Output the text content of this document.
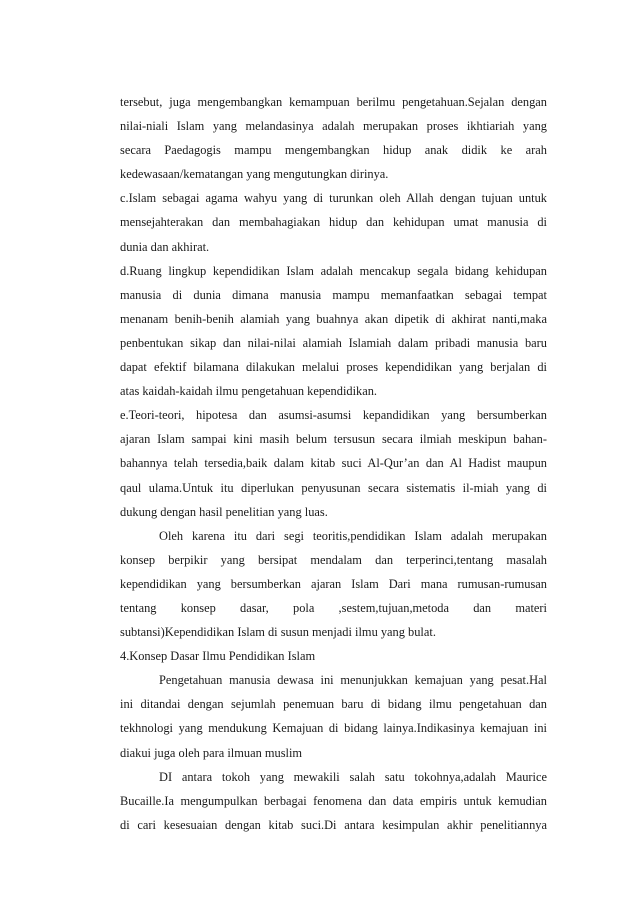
tersebut, juga mengembangkan kemampuan berilmu pengetahuan.Sejalan dengan
nilai-niali Islam yang melandasinya adalah merupakan proses ikhtiariah yang
secara Paedagogis mampu mengembangkan hidup anak didik ke arah
kedewasaan/kematangan yang mengutungkan dirinya.
c.Islam sebagai agama wahyu yang di turunkan oleh Allah dengan tujuan untuk
mensejahterakan dan membahagiakan hidup dan kehidupan umat manusia di
dunia dan akhirat.
d.Ruang lingkup kependidikan Islam adalah mencakup segala bidang kehidupan
manusia di dunia dimana manusia mampu memanfaatkan sebagai tempat
menanam benih-benih alamiah yang buahnya akan dipetik di akhirat nanti,maka
penbentukan sikap dan nilai-nilai alamiah Islamiah dalam pribadi manusia baru
dapat efektif bilamana dilakukan melalui proses kependidikan yang berjalan di
atas kaidah-kaidah ilmu pengetahuan kependidikan.
e.Teori-teori, hipotesa dan asumsi-asumsi kepandidikan yang bersumberkan
ajaran Islam sampai kini masih belum tersusun secara ilmiah meskipun bahan-
bahannya telah tersedia,baik dalam kitab suci Al-Qur’an dan Al Hadist maupun
qaul ulama.Untuk itu diperlukan penyusunan secara sistematis il-miah yang di
dukung dengan hasil penelitian yang luas.
Oleh karena itu dari segi teoritis,pendidikan Islam adalah merupakan
konsep berpikir yang bersipat mendalam dan terperinci,tentang masalah
kependidikan yang bersumberkan ajaran Islam Dari mana rumusan-rumusan
tentang konsep dasar, pola ,sestem,tujuan,metoda dan materi
subtansi)Kependidikan Islam di susun menjadi ilmu yang bulat.
4.Konsep Dasar Ilmu Pendidikan Islam
Pengetahuan manusia dewasa ini menunjukkan kemajuan yang pesat.Hal
ini ditandai dengan sejumlah penemuan baru di bidang ilmu pengetahuan dan
tekhnologi yang mendukung Kemajuan di bidang lainya.Indikasinya kemajuan ini
diakui juga oleh para ilmuan muslim
DI antara tokoh yang mewakili salah satu tokohnya,adalah Maurice
Bucaille.Ia mengumpulkan berbagai fenomena dan data empiris untuk kemudian
di cari kesesuaian dengan kitab suci.Di antara kesimpulan akhir penelitiannya
